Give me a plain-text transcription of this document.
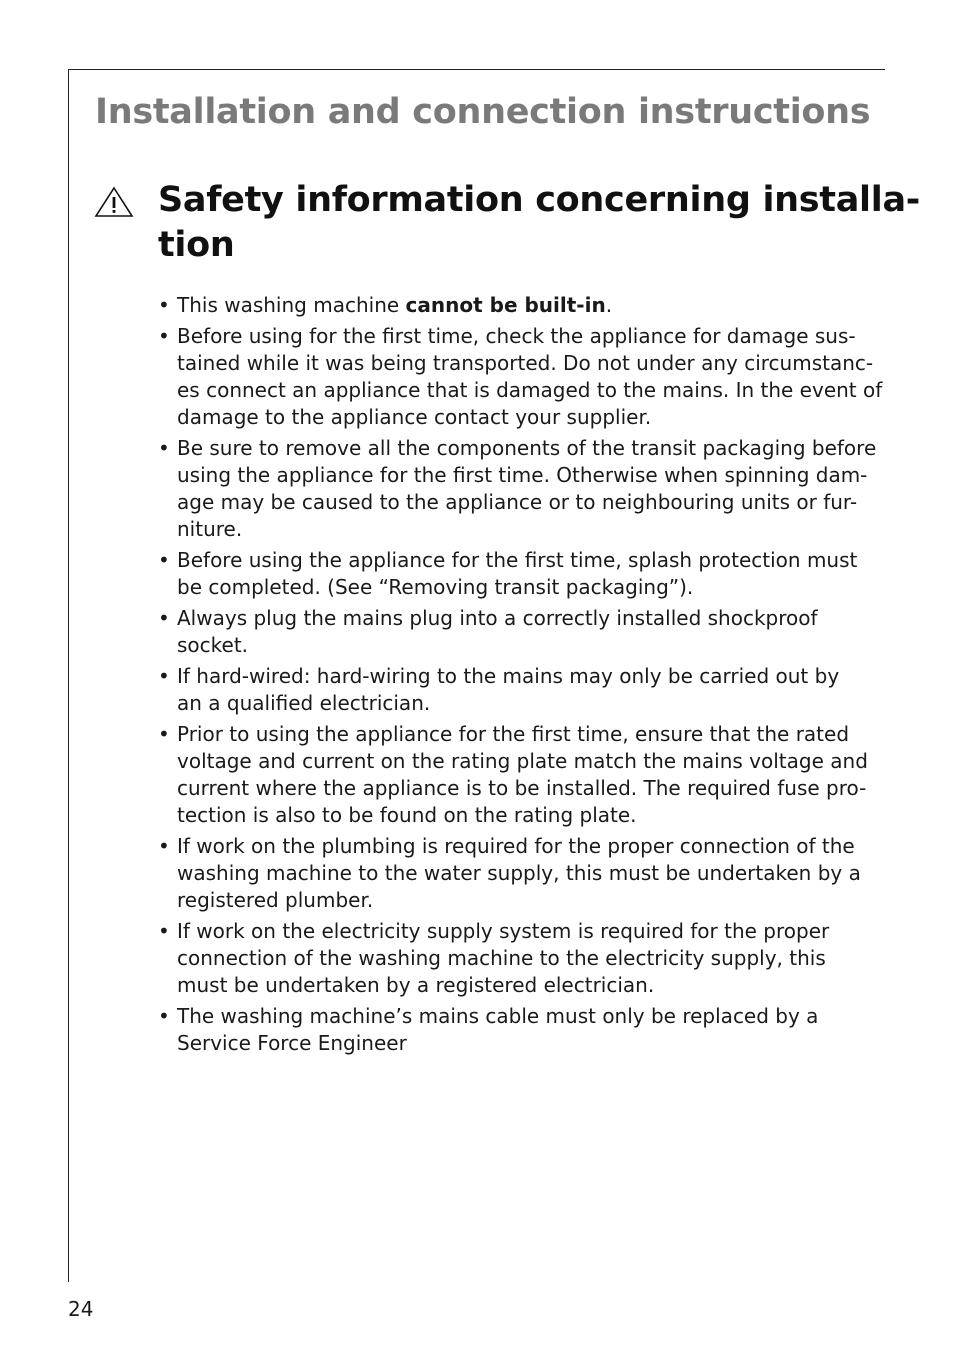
Installation and connection instructions
Safety information concerning installa-
tion
• This washing machine cannot be built-in.
• Before using for the first time, check the appliance for damage sus-
tained while it was being transported. Do not under any circumstanc-
es connect an appliance that is damaged to the mains. In the event of
damage to the appliance contact your supplier.
• Be sure to remove all the components of the transit packaging before
using the appliance for the first time. Otherwise when spinning dam-
age may be caused to the appliance or to neighbouring units or fur-
niture.
• Before using the appliance for the first time, splash protection must
be completed. (See “Removing transit packaging”).
• Always plug the mains plug into a correctly installed shockproof
socket.
• If hard-wired: hard-wiring to the mains may only be carried out by
an a qualified electrician.
• Prior to using the appliance for the first time, ensure that the rated
voltage and current on the rating plate match the mains voltage and
current where the appliance is to be installed. The required fuse pro-
tection is also to be found on the rating plate.
• If work on the plumbing is required for the proper connection of the
washing machine to the water supply, this must be undertaken by a
registered plumber.
• If work on the electricity supply system is required for the proper
connection of the washing machine to the electricity supply, this
must be undertaken by a registered electrician.
• The washing machine’s mains cable must only be replaced by a
Service Force Engineer
24
